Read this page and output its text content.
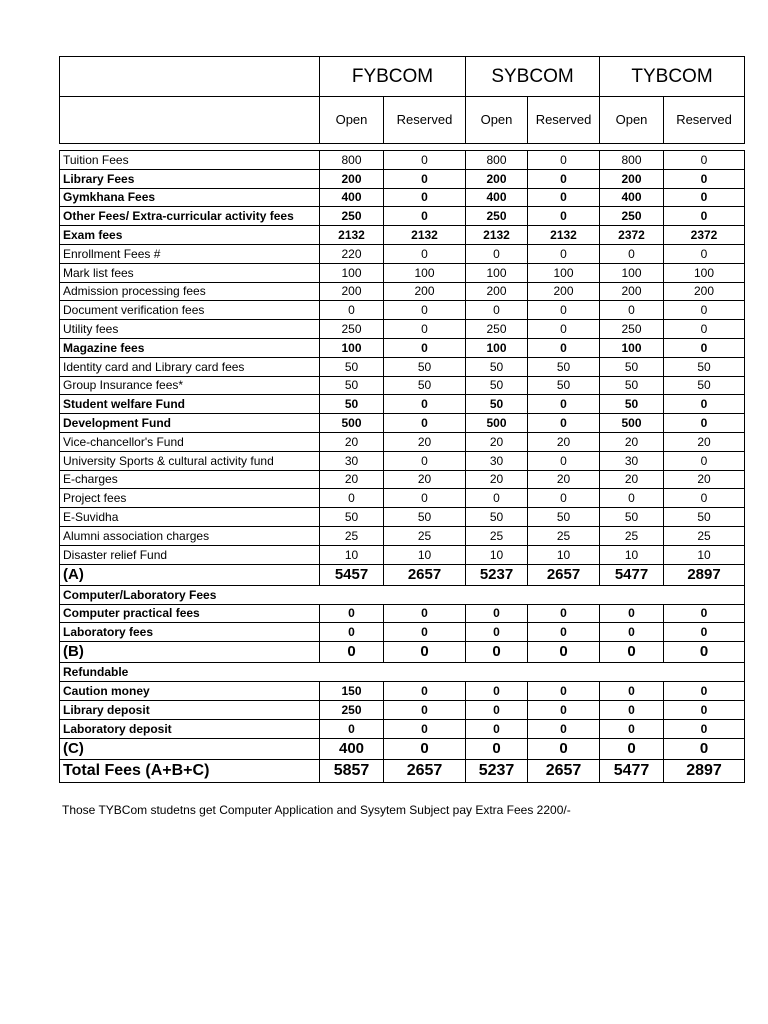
	FYBCOM		SYBCOM		TYBCOM	
	Open	Reserved	Open	Reserved	Open	Reserved

Tuition Fees	800	0	800	0	800	0
Library Fees	200	0	200	0	200	0
Gymkhana Fees	400	0	400	0	400	0
Other Fees/ Extra-curricular activity fees	250	0	250	0	250	0
Exam fees	2132	2132	2132	2132	2372	2372
Enrollment Fees #	220	0	0	0	0	0
Mark list fees	100	100	100	100	100	100
Admission processing fees	200	200	200	200	200	200
Document verification fees	0	0	0	0	0	0
Utility fees	250	0	250	0	250	0
Magazine fees	100	0	100	0	100	0
Identity card and Library card fees	50	50	50	50	50	50
Group Insurance fees*	50	50	50	50	50	50
Student welfare Fund	50	0	50	0	50	0
Development Fund	500	0	500	0	500	0
Vice-chancellor's Fund	20	20	20	20	20	20
University Sports & cultural activity fund	30	0	30	0	30	0
E-charges	20	20	20	20	20	20
Project fees	0	0	0	0	0	0
E-Suvidha	50	50	50	50	50	50
Alumni association charges	25	25	25	25	25	25
Disaster relief Fund	10	10	10	10	10	10
(A)	5457	2657	5237	2657	5477	2897
Computer/Laboratory Fees						
Computer practical fees	0	0	0	0	0	0
Laboratory fees	0	0	0	0	0	0
(B)	0	0	0	0	0	0
Refundable						
Caution money	150	0	0	0	0	0
Library deposit	250	0	0	0	0	0
Laboratory deposit	0	0	0	0	0	0
(C)	400	0	0	0	0	0
Total Fees (A+B+C)	5857	2657	5237	2657	5477	2897
Those TYBCom studetns get Computer Application and Sysytem Subject pay Extra Fees 2200/-
